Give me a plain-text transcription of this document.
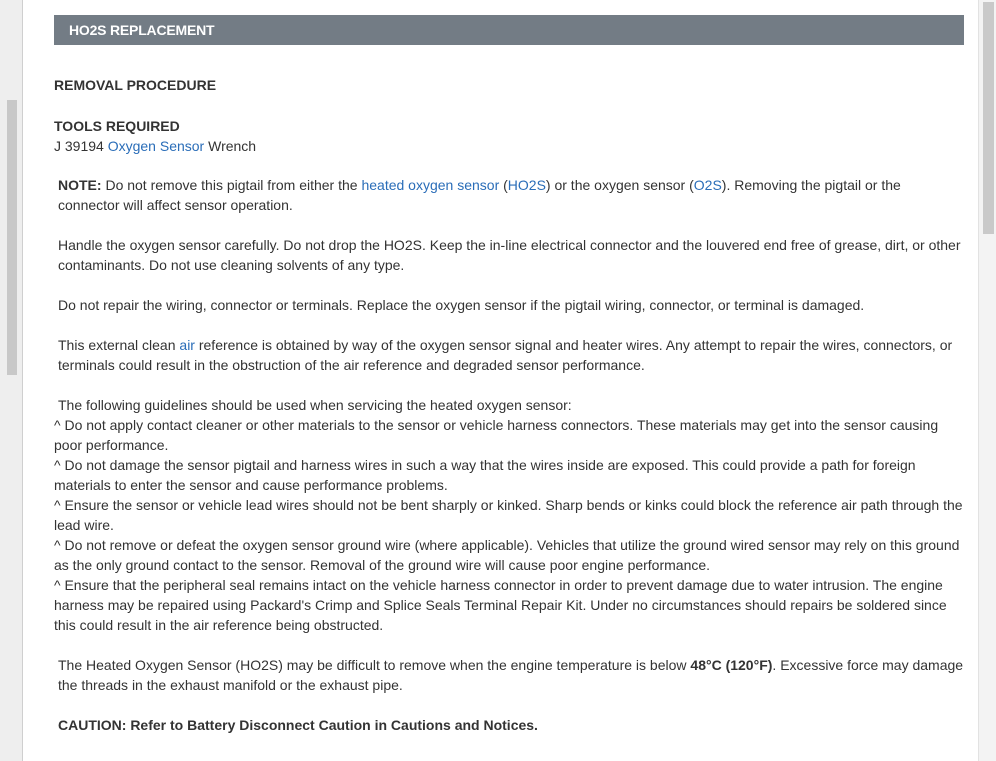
HO2S REPLACEMENT
REMOVAL PROCEDURE
TOOLS REQUIRED
J 39194 Oxygen Sensor Wrench
NOTE: Do not remove this pigtail from either the heated oxygen sensor (HO2S) or the oxygen sensor (O2S). Removing the pigtail or the connector will affect sensor operation.
Handle the oxygen sensor carefully. Do not drop the HO2S. Keep the in-line electrical connector and the louvered end free of grease, dirt, or other contaminants. Do not use cleaning solvents of any type.
Do not repair the wiring, connector or terminals. Replace the oxygen sensor if the pigtail wiring, connector, or terminal is damaged.
This external clean air reference is obtained by way of the oxygen sensor signal and heater wires. Any attempt to repair the wires, connectors, or terminals could result in the obstruction of the air reference and degraded sensor performance.
The following guidelines should be used when servicing the heated oxygen sensor:
^ Do not apply contact cleaner or other materials to the sensor or vehicle harness connectors. These materials may get into the sensor causing poor performance.
^ Do not damage the sensor pigtail and harness wires in such a way that the wires inside are exposed. This could provide a path for foreign materials to enter the sensor and cause performance problems.
^ Ensure the sensor or vehicle lead wires should not be bent sharply or kinked. Sharp bends or kinks could block the reference air path through the lead wire.
^ Do not remove or defeat the oxygen sensor ground wire (where applicable). Vehicles that utilize the ground wired sensor may rely on this ground as the only ground contact to the sensor. Removal of the ground wire will cause poor engine performance.
^ Ensure that the peripheral seal remains intact on the vehicle harness connector in order to prevent damage due to water intrusion. The engine harness may be repaired using Packard's Crimp and Splice Seals Terminal Repair Kit. Under no circumstances should repairs be soldered since this could result in the air reference being obstructed.
The Heated Oxygen Sensor (HO2S) may be difficult to remove when the engine temperature is below 48°C (120°F). Excessive force may damage the threads in the exhaust manifold or the exhaust pipe.
CAUTION: Refer to Battery Disconnect Caution in Cautions and Notices.
